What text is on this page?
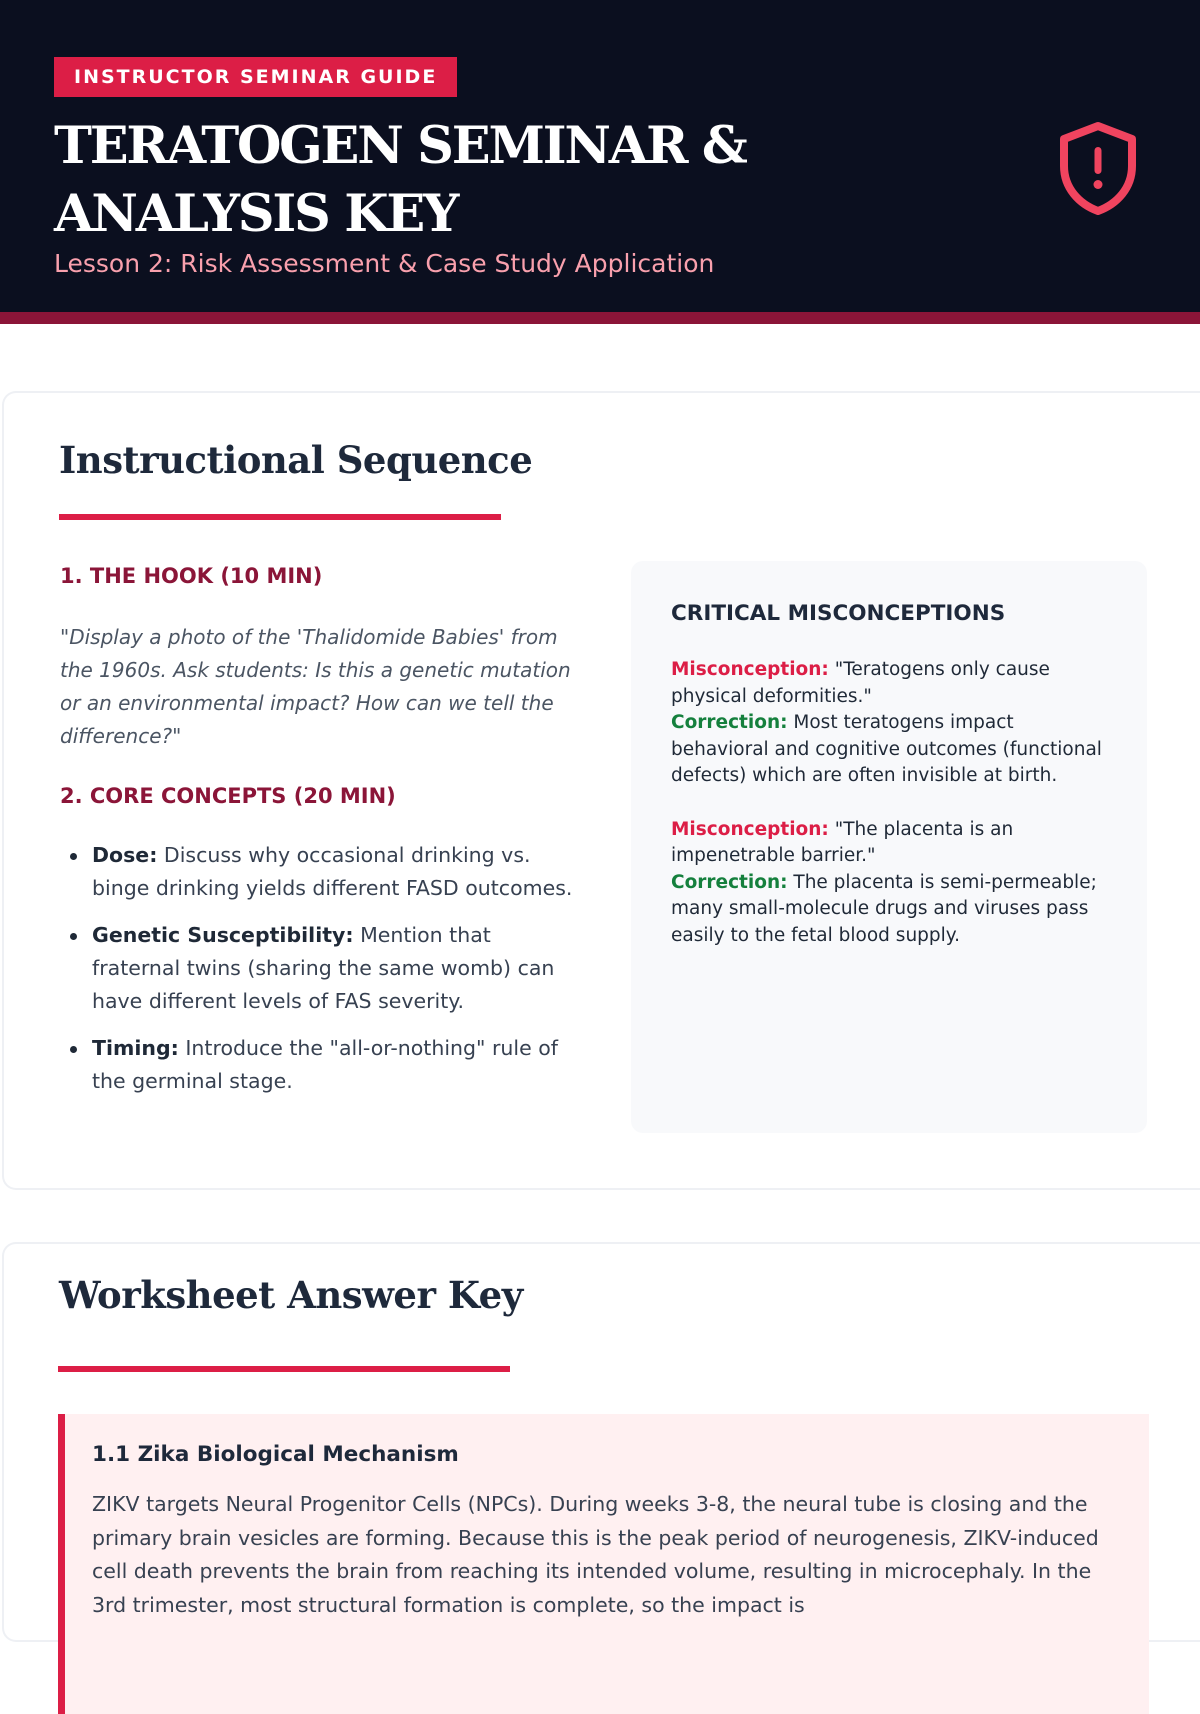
INSTRUCTOR SEMINAR GUIDE
TERATOGEN SEMINAR & ANALYSIS KEY

Lesson 2: Risk Assessment & Case Study Application

Instructional Sequence
1. THE HOOK (10 MIN)

"Display a photo of the 'Thalidomide Babies' from the 1960s. Ask students: Is this a genetic mutation or an environmental impact? How can we tell the difference?"

2. CORE CONCEPTS (20 MIN)
Dose: Discuss why occasional drinking vs. binge drinking yields different FASD outcomes.
Genetic Susceptibility: Mention that fraternal twins (sharing the same womb) can have different levels of FAS severity.
Timing: Introduce the "all-or-nothing" rule of the germinal stage.
CRITICAL MISCONCEPTIONS
Misconception: "Teratogens only cause physical deformities."
Correction: Most teratogens impact behavioral and cognitive outcomes (functional defects) which are often invisible at birth.
Misconception: "The placenta is an impenetrable barrier."
Correction: The placenta is semi-permeable; many small-molecule drugs and viruses pass easily to the fetal blood supply.
Worksheet Answer Key
1.1 Zika Biological Mechanism

ZIKV targets Neural Progenitor Cells (NPCs). During weeks 3-8, the neural tube is closing and the primary brain vesicles are forming. Because this is the peak period of neurogenesis, ZIKV-induced cell death prevents the brain from reaching its intended volume, resulting in microcephaly. In the 3rd trimester, most structural formation is complete, so the impact is
